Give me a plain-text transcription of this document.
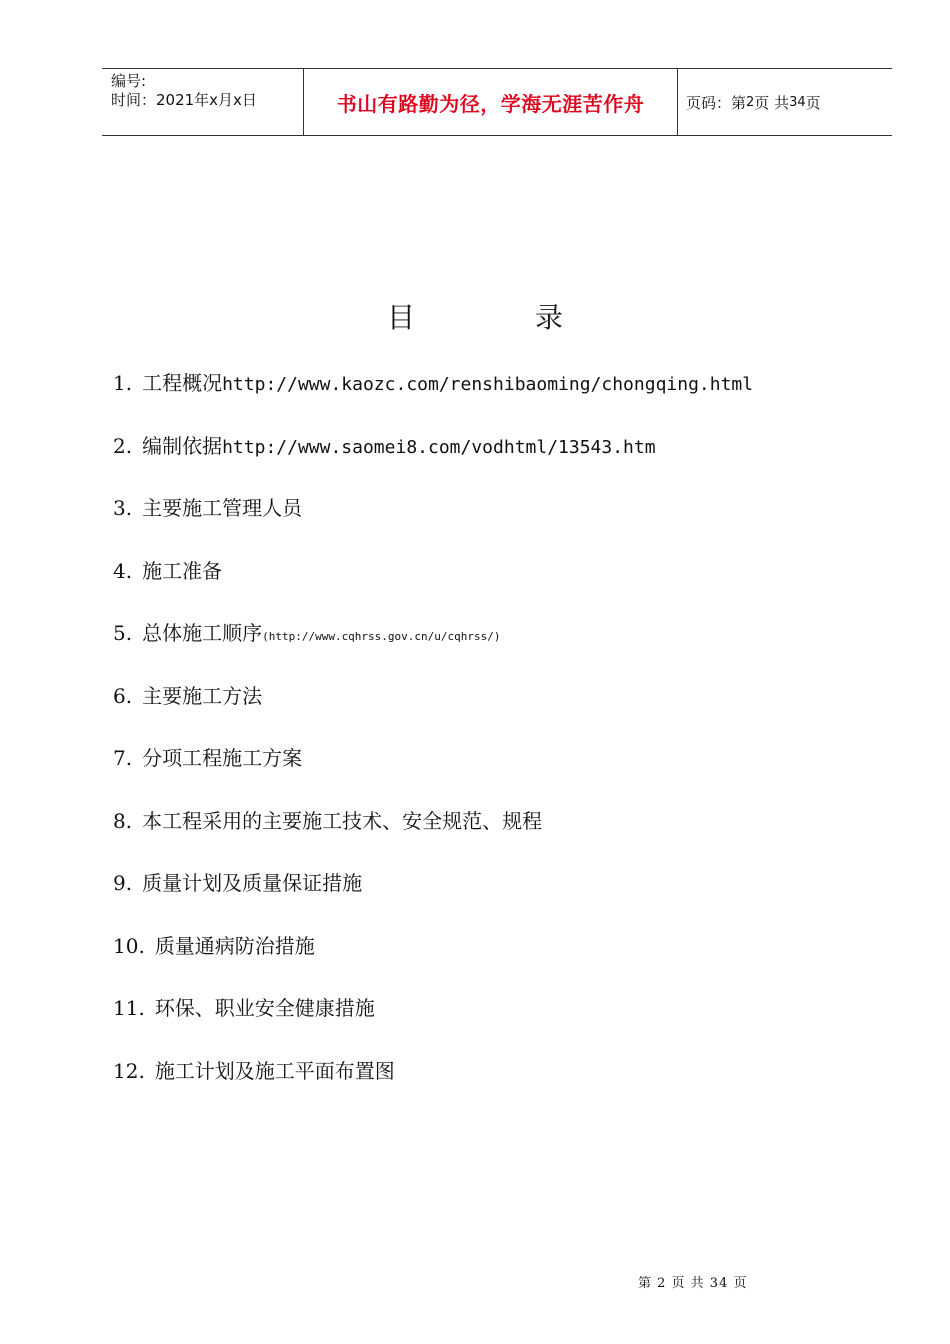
编号:
时间：2021年x月x日	书山有路勤为径，学海无涯苦作舟	页码：第 2 页 共 34 页
目	录
1. 工程概况http://www.kaozc.com/renshibaoming/chongqing.html
2. 编制依据http://www.saomei8.com/vodhtml/13543.htm
3. 主要施工管理人员
4. 施工准备
5. 总体施工顺序(http://www.cqhrss.gov.cn/u/cqhrss/)
6. 主要施工方法
7. 分项工程施工方案
8. 本工程采用的主要施工技术、安全规范、规程
9. 质量计划及质量保证措施
10. 质量通病防治措施
11. 环保、职业安全健康措施
12. 施工计划及施工平面布置图
第 2 页 共 34 页
